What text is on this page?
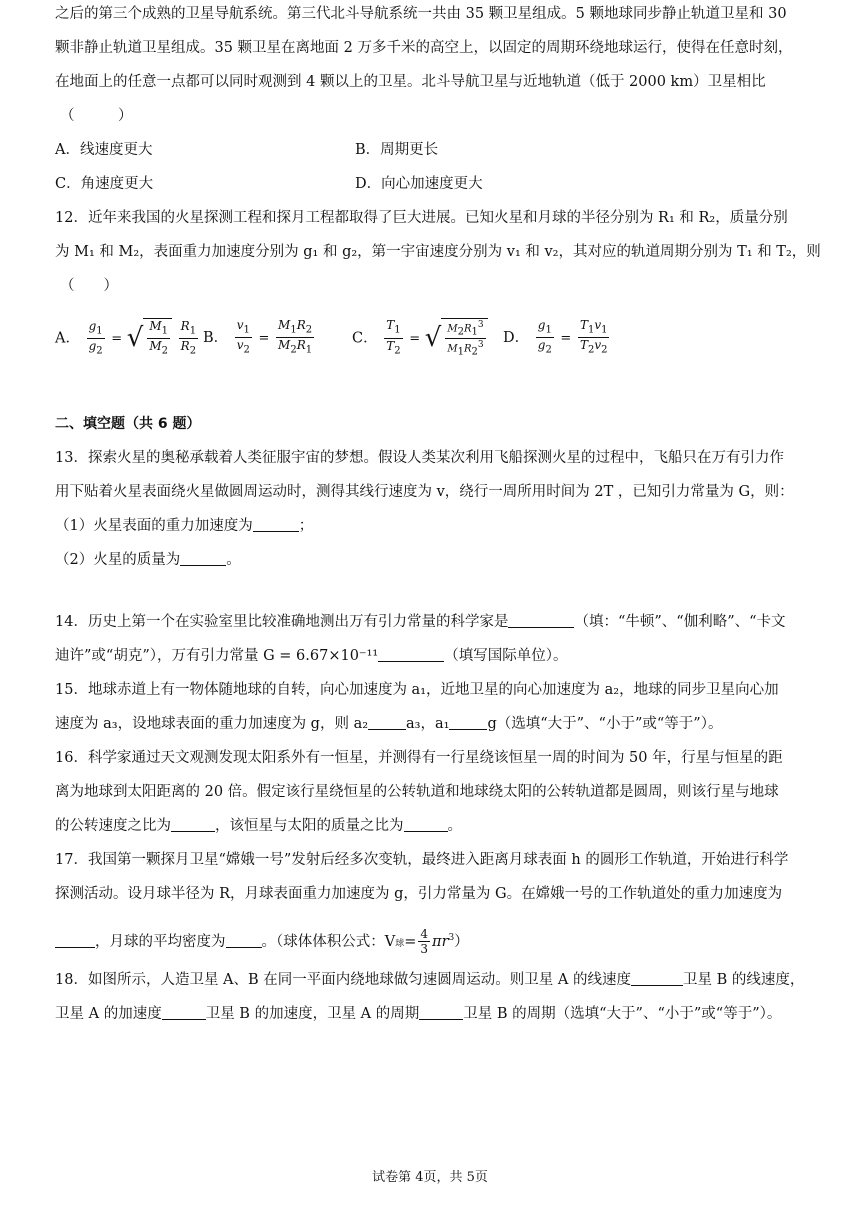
之后的第三个成熟的卫星导航系统。第三代北斗导航系统一共由 35 颗卫星组成。5 颗地球同步静止轨道卫星和 30
颗非静止轨道卫星组成。35 颗卫星在离地面 2 万多千米的高空上，以固定的周期环绕地球运行，使得在任意时刻，
在地面上的任意一点都可以同时观测到 4 颗以上的卫星。北斗导航卫星与近地轨道（低于 2000 km）卫星相比
（　　　）
A．线速度更大	B．周期更长
C．角速度更大	D．向心加速度更大
12．近年来我国的火星探测工程和探月工程都取得了巨大进展。已知火星和月球的半径分别为 R₁ 和 R₂，质量分别
为 M₁ 和 M₂，表面重力加速度分别为 g₁ 和 g₂，第一宇宙速度分别为 v₁ 和 v₂，其对应的轨道周期分别为 T₁ 和 T₂，则
（　　）
A． $\frac{g_1}{g_2}$ = √ $\frac{M_1}{M_2}$
$\frac{R_1}{R_2}$ B． $\frac{v_1}{v_2} = \frac{M_1R_2}{M_2R_1}$	C． $\frac{T_1}{T_2}$ = √ $\frac{M_2R_1^3}{M_1R_2^3}$ D． $\frac{g_1}{g_2} = \frac{T_1v_1}{T_2v_2}$
二、填空题（共 6 题）
13．探索火星的奥秘承载着人类征服宇宙的梦想。假设人类某次利用飞船探测火星的过程中，飞船只在万有引力作
用下贴着火星表面绕火星做圆周运动时，测得其线行速度为 v，绕行一周所用时间为 2T ，已知引力常量为 G，则：
（1）火星表面的重力加速度为	；
（2）火星的质量为	。
14．历史上第一个在实验室里比较准确地测出万有引力常量的科学家是	（填：“牛顿”、“伽利略”、“卡文
迪许”或“胡克”），万有引力常量 G = 6.67×10⁻¹¹	（填写国际单位）。
15．地球赤道上有一物体随地球的自转，向心加速度为 a₁，近地卫星的向心加速度为 a₂，地球的同步卫星向心加
速度为 a₃，设地球表面的重力加速度为 g，则 a₂	a₃，a₁	g（选填“大于”、“小于”或“等于”）。
16．科学家通过天文观测发现太阳系外有一恒星，并测得有一行星绕该恒星一周的时间为 50 年，行星与恒星的距
离为地球到太阳距离的 20 倍。假定该行星绕恒星的公转轨道和地球绕太阳的公转轨道都是圆周，则该行星与地球
的公转速度之比为	，该恒星与太阳的质量之比为	。
17．我国第一颗探月卫星“嫦娥一号”发射后经多次变轨，最终进入距离月球表面 h 的圆形工作轨道，开始进行科学
探测活动。设月球半径为 R，月球表面重力加速度为 g，引力常量为 G。在嫦娥一号的工作轨道处的重力加速度为
，月球的平均密度为 。（球体体积公式：V球= $\frac{4}{3} \pi r^3$）
18．如图所示，人造卫星 A、B 在同一平面内绕地球做匀速圆周运动。则卫星 A 的线速度	卫星 B 的线速度，
卫星 A 的加速度	卫星 B 的加速度，卫星 A 的周期	卫星 B 的周期（选填“大于”、“小于”或“等于”）。
试卷第 4页，共 5页
